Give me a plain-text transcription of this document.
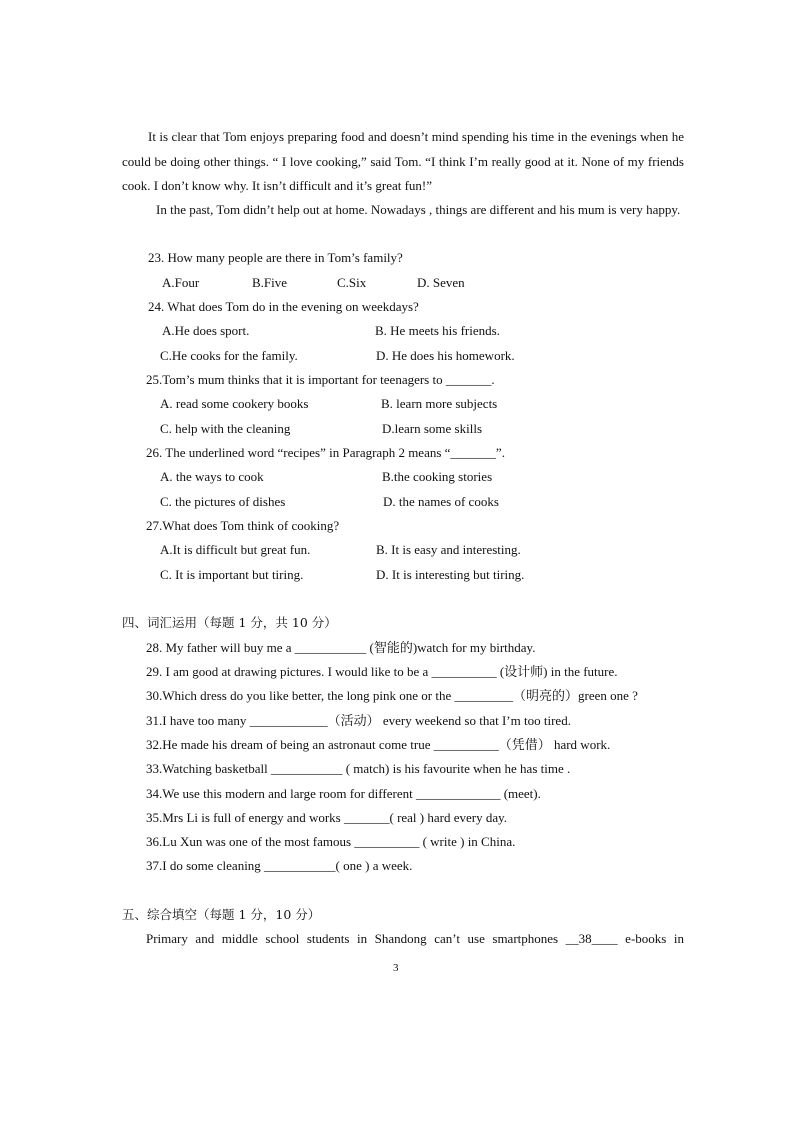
It is clear that Tom enjoys preparing food and doesn’t mind spending his time in the evenings when he could be doing other things. “ I love cooking,” said Tom. “I think I’m really good at it. None of my friends cook. I don’t know why. It isn’t difficult and it’s great fun!”

In the past, Tom didn’t help out at home. Nowadays , things are different and his mum is very happy.

23. How many people are there in Tom’s family?
A.Four	B.Five	C.Six	D. Seven
24. What does Tom do in the evening on weekdays?
A.He does sport.	B. He meets his friends.
C.He cooks for the family.	D. He does his homework.
25.Tom’s mum thinks that it is important for teenagers to _______.
A. read some cookery books	B. learn more subjects
C. help with the cleaning	D.learn some skills
26. The underlined word “recipes” in Paragraph 2 means “_______”.
A. the ways to cook	B.the cooking stories
C. the pictures of dishes	D. the names of cooks
27.What does Tom think of cooking?
A.It is difficult but great fun.	B. It is easy and interesting.
C. It is important but tiring.	D. It is interesting but tiring.
四、词汇运用（每题 1 分，共 10 分）
28. My father will buy me a ___________ (智能的)watch for my birthday.
29. I am good at drawing pictures. I would like to be a __________ (设计师) in the future.
30.Which dress do you like better, the long pink one or the _________（明亮的）green one ?
31.I have too many ____________（活动） every weekend so that I’m too tired.
32.He made his dream of being an astronaut come true __________（凭借） hard work.
33.Watching basketball ___________ ( match) is his favourite when he has time .
34.We use this modern and large room for different _____________ (meet).
35.Mrs Li is full of energy and works _______( real ) hard every day.
36.Lu Xun was one of the most famous __________ ( write ) in China.
37.I do some cleaning ___________( one ) a week.
五、综合填空（每题 1 分，10 分）
Primary and middle school students in Shandong can’t use smartphones __38____ e-books in
3
